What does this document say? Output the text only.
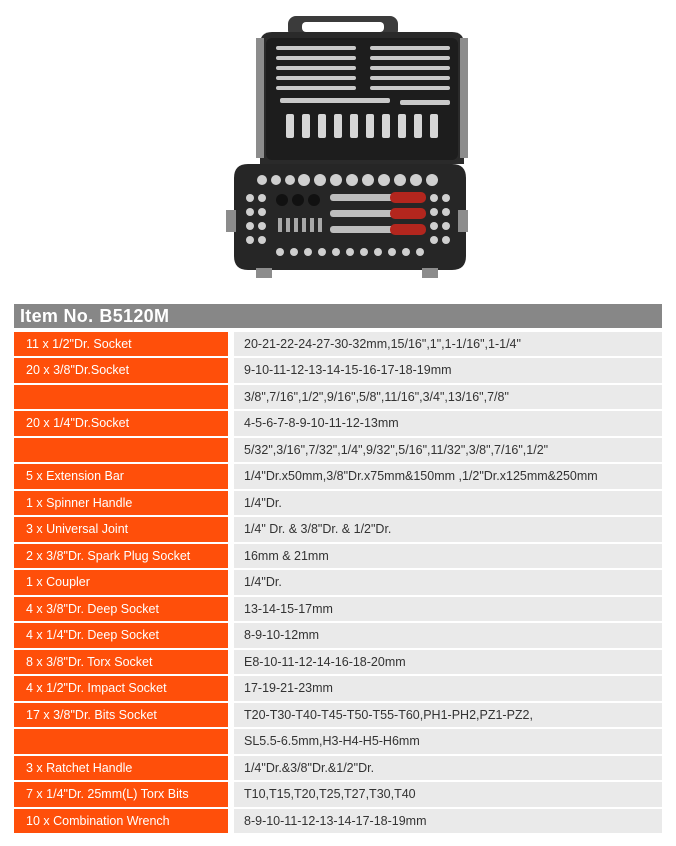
Item No. B5120M
11 x 1/2"Dr. Socket	20-21-22-24-27-30-32mm,15/16",1",1-1/16",1-1/4"
20 x 3/8"Dr.Socket	9-10-11-12-13-14-15-16-17-18-19mm
3/8",7/16",1/2",9/16",5/8",11/16",3/4",13/16",7/8"
20 x 1/4"Dr.Socket	4-5-6-7-8-9-10-11-12-13mm
5/32",3/16",7/32",1/4",9/32",5/16",11/32",3/8",7/16",1/2"
5 x Extension Bar	1/4"Dr.x50mm,3/8"Dr.x75mm&150mm ,1/2"Dr.x125mm&250mm
1 x Spinner Handle	1/4"Dr.
3 x Universal Joint	1/4" Dr. & 3/8"Dr. & 1/2"Dr.
2 x 3/8"Dr. Spark Plug Socket	16mm & 21mm
1 x Coupler	1/4"Dr.
4 x 3/8"Dr. Deep Socket	13-14-15-17mm
4 x 1/4"Dr. Deep Socket	8-9-10-12mm
8 x 3/8"Dr. Torx Socket	E8-10-11-12-14-16-18-20mm
4 x 1/2"Dr. Impact Socket	17-19-21-23mm
17 x 3/8"Dr. Bits Socket	T20-T30-T40-T45-T50-T55-T60,PH1-PH2,PZ1-PZ2,
SL5.5-6.5mm,H3-H4-H5-H6mm
3 x Ratchet Handle	1/4"Dr.&3/8"Dr.&1/2"Dr.
7 x 1/4"Dr. 25mm(L) Torx Bits	T10,T15,T20,T25,T27,T30,T40
10 x Combination Wrench	8-9-10-11-12-13-14-17-18-19mm
